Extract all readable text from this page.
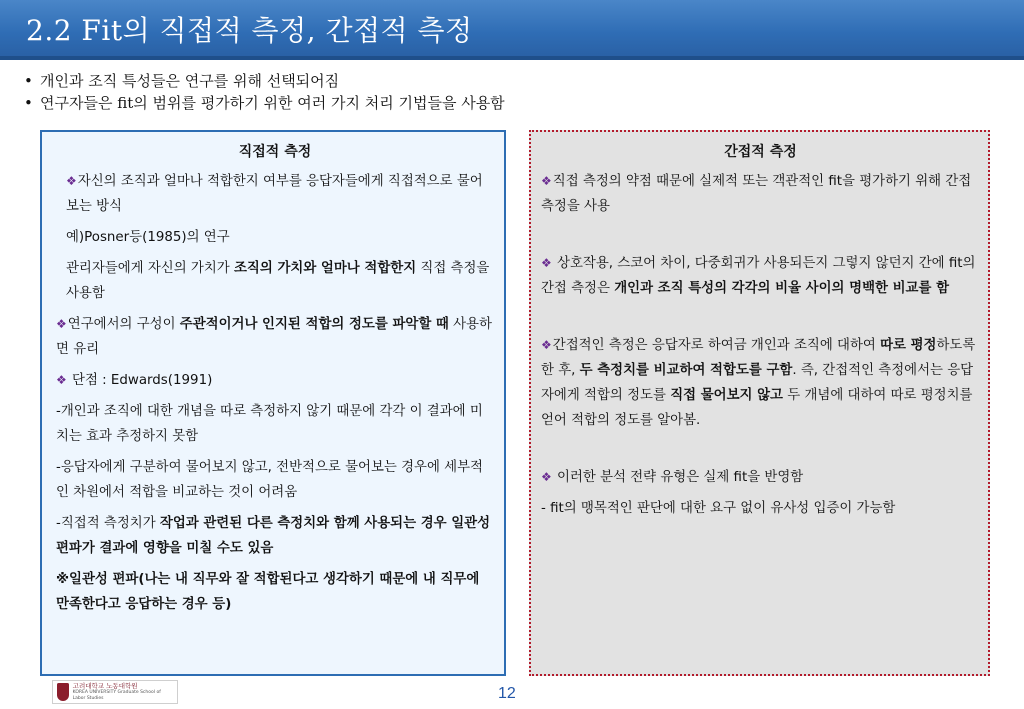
2.2 Fit의 직접적 측정, 간접적 측정
• 개인과 조직 특성들은 연구를 위해 선택되어짐
• 연구자들은 fit의 범위를 평가하기 위한 여러 가지 처리 기법들을 사용함
직접적 측정
❖자신의 조직과 얼마나 적합한지 여부를 응답자들에게 직접적으로 물어보는 방식
예)Posner등(1985)의 연구
관리자들에게 자신의 가치가 조직의 가치와 얼마나 적합한지 직접 측정을 사용함
❖연구에서의 구성이 주관적이거나 인지된 적합의 정도를 파악할 때 사용하면 유리
❖ 단점 : Edwards(1991)
-개인과 조직에 대한 개념을 따로 측정하지 않기 때문에 각각 이 결과에 미치는 효과 추정하지 못함
-응답자에게 구분하여 물어보지 않고, 전반적으로 물어보는 경우에 세부적인 차원에서 적합을 비교하는 것이 어려움
-직접적 측정치가 작업과 관련된 다른 측정치와 함께 사용되는 경우 일관성 편파가 결과에 영향을 미칠 수도 있음
※일관성 편파(나는 내 직무와 잘 적합된다고 생각하기 때문에 내 직무에 만족한다고 응답하는 경우 등)
간접적 측정
❖직접 측정의 약점 때문에 실제적 또는 객관적인 fit을 평가하기 위해 간접 측정을 사용
❖ 상호작용, 스코어 차이, 다중회귀가 사용되든지 그렇지 않던지 간에 fit의 간접 측정은 개인과 조직 특성의 각각의 비율 사이의 명백한 비교를 함
❖간접적인 측정은 응답자로 하여금 개인과 조직에 대하여 따로 평정하도록 한 후, 두 측정치를 비교하여 적합도를 구함. 즉, 간접적인 측정에서는 응답자에게 적합의 정도를 직접 물어보지 않고 두 개념에 대하여 따로 평정치를 얻어 적합의 정도를 알아봄.
❖ 이러한 분석 전략 유형은 실제 fit을 반영함
- fit의 맹목적인 판단에 대한 요구 없이 유사성 입증이 가능함
고려대학교 노동대학원
KOREA UNIVERSITY Graduate School of Labor Studies	12
